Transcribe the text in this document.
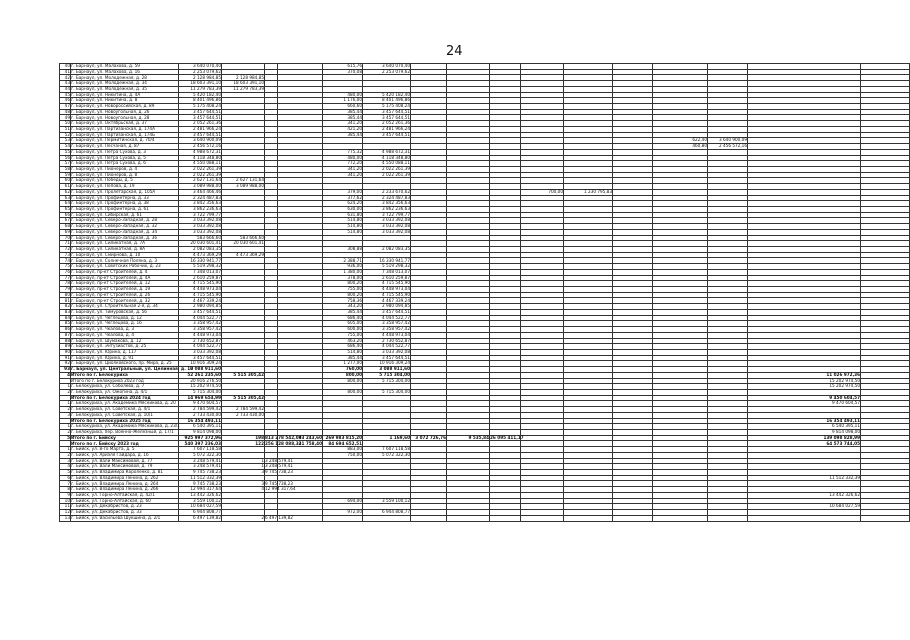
24
40	г. Барнаул, ул. Малахова, д. 59	3 640 070,40				615,76	3 640 070,40										
41	г. Барнаул, ул. Малахова, д. 16	2 253 079,62				370,08	2 253 079,62										
42	г. Барнаул, ул. Молодежная, д. 28	2 128 984,85	2 128 984,85														
43	г. Барнаул, ул. Молодежная, д. 34	18 603 391,10	18 603 391,10														
44	г. Барнаул, ул. Молодежная, д. 35	11 279 783,39	11 279 783,39														
45	г. Барнаул, ул. Никитина, д. 4А	5 420 182,40				480,00	5 420 182,40										
46	г. Барнаул, ул. Никитина, д. 8	8 401 496,86				1 176,00	8 401 496,86										
47	г. Барнаул, ул. Новороссийская, д. 89	5 175 408,24				660,60	5 175 408,24										
48	г. Барнаул, ул. Новоугольная, д. 26	3 457 644,51				385,44	3 457 644,51										
49	г. Барнаул, ул. Новоугольная, д. 28	3 457 644,51				385,44	3 457 644,51										
50	г. Барнаул, ул. Октябрьская, д. 37	2 052 261,36				341,20	2 052 261,36										
51	г. Барнаул, ул. Партизанская, д. 174А	2 481 966,24				421,20	2 481 966,24										
52	г. Барнаул, ул. Партизанская, д. 174Б	3 457 644,51				385,44	3 457 644,51										
53	г. Барнаул, ул. Пермитинская, д. 70/4	3 640 900,09												622,40	3 640 900,09		
54	г. Барнаул, ул. Песчаная, д. 87	2 456 572,16												460,80	2 456 572,16		
55	г. Барнаул, ул. Петра Сухова, д. 3	4 988 672,31				775,32	4 988 672,31										
56	г. Барнаул, ул. Петра Сухова, д. 5	4 118 348,80				480,00	4 118 348,80										
57	г. Барнаул, ул. Петра Сухова, д. 6	4 550 088,11				772,20	4 550 088,11										
58	г. Барнаул, ул. Пионеров, д. 4	2 022 261,39				341,20	2 022 261,39										
59	г. Барнаул, ул. Пионеров, д. 8	2 022 261,39				341,20	2 022 261,39										
60	г. Барнаул, ул. Победы, д. 5	2 627 131,64	2 627 131,64														
61	г. Барнаул, ул. Попова, д. 19	3 089 988,00	3 089 988,00														
62	г. Барнаул, ул. Пролетарская, д. 105А	3 464 466,46				379,00	2 233 670,62				700,00	1 230 795,83					
63	г. Барнаул, ул. Профинтерна, д. 33	2 324 487,83				377,62	2 324 487,83										
64	г. Барнаул, ул. Профинтерна, д. 38	3 842 356,63				624,20	3 842 356,63										
65	г. Барнаул, ул. Профинтерна, д. 61	3 862 236,63				630,00	3 862 236,63										
66	г. Барнаул, ул. Сибирская, д. 61	3 722 799,77				631,80	3 722 799,77										
67	г. Барнаул, ул. Северо-Западная, д. 28	3 033 392,08				514,80	3 033 392,08										
68	г. Барнаул, ул. Северо-Западная, д. 32	3 033 392,08				514,80	3 033 392,08										
69	г. Барнаул, ул. Северо-Западная, д. 34	3 033 392,08				514,80	3 033 392,08										
70	г. Барнаул, ул. Северо-Западная, д. 36	583 666,60	583 666,60														
71	г. Барнаул, ул. Силикатная, д. 7А	20 030 601,41	20 030 601,41														
72	г. Барнаул, ул. Силикатная, д. 8А	2 082 083,35				308,88	2 082 083,35										
73	г. Барнаул, ул. Смирнова, д. 10	4 473 369,29	4 473 369,29														
74	г. Барнаул, ул. Солнечная Поляна, д. 3	16 330 941,77				2 388,71	16 330 941,77										
75	г. Барнаул, ул. Советских Рабочих, д. 23	5 519 298,32				936,00	5 519 298,32										
76	г. Барнаул, пр-кт Строителей, д. 4	7 348 013,07				1 380,00	7 348 013,07										
77	г. Барнаул, пр-кт Строителей, д. 4А	2 610 259,87				378,00	2 610 259,87										
78	г. Барнаул, пр-кт Строителей, д. 12	4 715 545,90				800,20	4 715 545,90										
79	г. Барнаул, пр-кт Строителей, д. 19	4 448 973,04				755,00	4 448 973,04										
80	г. Барнаул, пр-кт Строителей, д. 26	4 715 545,90				800,20	4 715 545,90										
81	г. Барнаул, пр-кт Строителей, д. 32	4 467 339,24				758,36	4 467 339,24										
82	г. Барнаул, ул. Строительная 2-я, д. 34	2 980 094,85				343,20	2 980 094,85										
83	г. Барнаул, ул. Тимуровская, д. 56	3 457 644,51				385,44	3 457 644,51										
84	г. Барнаул, ул. Чеглецова, д. 12	4 044 522,77				686,40	4 044 522,77										
85	г. Барнаул, ул. Чеглецова, д. 16	3 358 957,42				605,00	3 358 957,42										
86	г. Барнаул, ул. Чкалова, д. 3	3 358 957,42				600,00	3 358 957,42										
87	г. Барнаул, ул. Чкалова, д. 4	4 448 973,04				755,00	4 448 973,04										
88	г. Барнаул, ул. Шумакова, д. 12	2 730 652,87				463,20	2 730 652,87										
89	г. Барнаул, ул. Энтузиастов, д. 25	4 044 522,77				686,40	4 044 522,77										
90	г. Барнаул, ул. Юрина, д. 117	3 033 392,08				514,80	3 033 392,08										
91	г. Барнаул, ул. Юрина, д. 91	3 457 644,51				385,44	3 457 644,51										
92	г. Барнаул, ул. Циолковского, пр. Мира, д. 25	10 916 309,24				1 277,00	10 916 309,24										
93	г. Барнаул, ул. Центральный, ул. Целинная, д. 10	3 088 911,60				760,00	3 088 911,60										
4	Итого по г. Белокуриха	52 261 235,60	5 515 305,42			800,00	5 715 304,00									11 026 972,36	
	Итого по г. Белокуриха 2023 год	20 916 276,50				800,00	5 715 304,00									15 202 974,50	
1	г. Белокуриха, ул. Соболева, д. 7	15 202 974,50														15 202 974,50	
2	г. Белокуриха, ул. Ожогина, д. 4/1	5 715 304,00				800,00	5 715 304,00										
	Итого по г. Белокуриха 2024 год	14 969 654,99	5 515 305,42													9 450 604,57	
1	г. Белокуриха, ул. Академика Мясникова, д. 20	9 470 604,57														9 470 604,57	
2	г. Белокуриха, ул. Советская, д. 4/1	2 784 599,42	2 784 599,42														
3	г. Белокуриха, ул. Советская, д. 10/1	2 733 430,00	2 733 430,00														
	Итого по г. Белокуриха 2025 год	16 354 493,11														16 354 493,11	
1	г. Белокуриха, ул. Академика Мясникова, д. 23/1	6 540 395,11														6 540 395,11	
2	г. Белокуриха, пер. Военно-Железный, д. 17/1	9 814 098,00														9 814 098,00	
5	Итого по г. Бийску	925 997 372,96	198	813 278 542,09	33 243,60	269 983 815,20	1 169,60	3 072 726,76	9 535,84	26 095 411,17						139 098 828,99	
	Итого по г. Бийску 2023 год	540 397 236,03	122	256 128 088,33	21 758,40	84 694 652,51										64 573 744,05	
1	г. Бийск, ул. 8-го Марта, д. 5	7 607 118,58				883,00	7 607 118,58										
2	г. Бийск, ул. Ариэля Гайдара, д. 16	5 072 322,30				750,00	5 072 322,30										
3	г. Бийск, ул. Вали Максимовой, д. 77	3 248 579,41	1	3 248 579,41													
4	г. Бийск, ул. Вали Максимовой, д. 79	3 248 579,41	1	3 248 579,41													
5	г. Бийск, ул. Владимира Короленко, д. 81	9 745 738,23	3	9 745 738,23													
6	г. Бийск, ул. Владимира Ленина, д. 262	11 512 332,39														11 512 332,39	
7	г. Бийск, ул. Владимира Ленина, д. 264	9 745 738,23	3	9 745 738,23													
8	г. Бийск, ул. Владимира Ленина, д. 266	12 994 317,64	4	12 994 317,64													
9	г. Бийск, ул. Горно-Алтайская, д. 42/1	13 442 326,62														13 442 326,62	
10	г. Бийск, ул. Горно-Алтайская, д. 60	3 559 100,12				694,00	3 559 100,12										
11	г. Бийск, ул. Декабристов, д. 23	10 684 027,59														10 684 027,59	
12	г. Бийск, ул. Декабристов, д. 33	6 944 808,77				972,00	6 944 808,77										
13	г. Бийск, ул. Васильева Шукшина, д. 2/1	6 497 139,82	2	6 497 139,82													
